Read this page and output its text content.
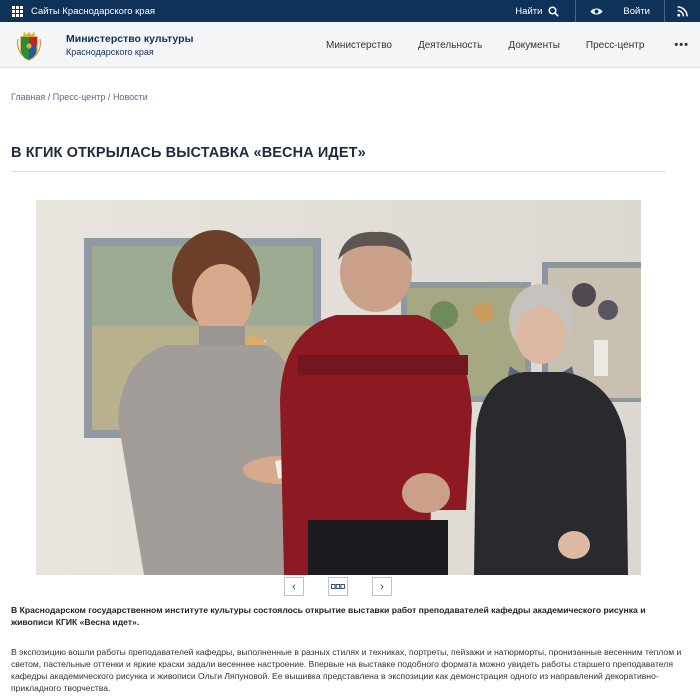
Сайты Краснодарского края	Найти	Войти
Министерство культуры
Краснодарского края
Министерство	Деятельность	Документы	Пресс-центр	•••
Главная / Пресс-центр / Новости
В КГИК ОТКРЫЛАСЬ ВЫСТАВКА «ВЕСНА ИДЕТ»
‹	›

В Краснодарском государственном институте культуры состоялось открытие выставки работ преподавателей кафедры академического рисунка и живописи КГИК «Весна идет».

В экспозицию вошли работы преподавателей кафедры, выполненные в разных стилях и техниках, портреты, пейзажи и натюрморты, пронизанные весенним теплом и светом, пастельные оттенки и яркие краски задали весеннее настроение. Впервые на выставке подобного формата можно увидеть работы старшего преподавателя кафедры академического рисунка и живописи Ольги Ляпуновой. Ее вышивка представлена в экспозиции как демонстрация одного из направлений декоративно-прикладного творчества.
